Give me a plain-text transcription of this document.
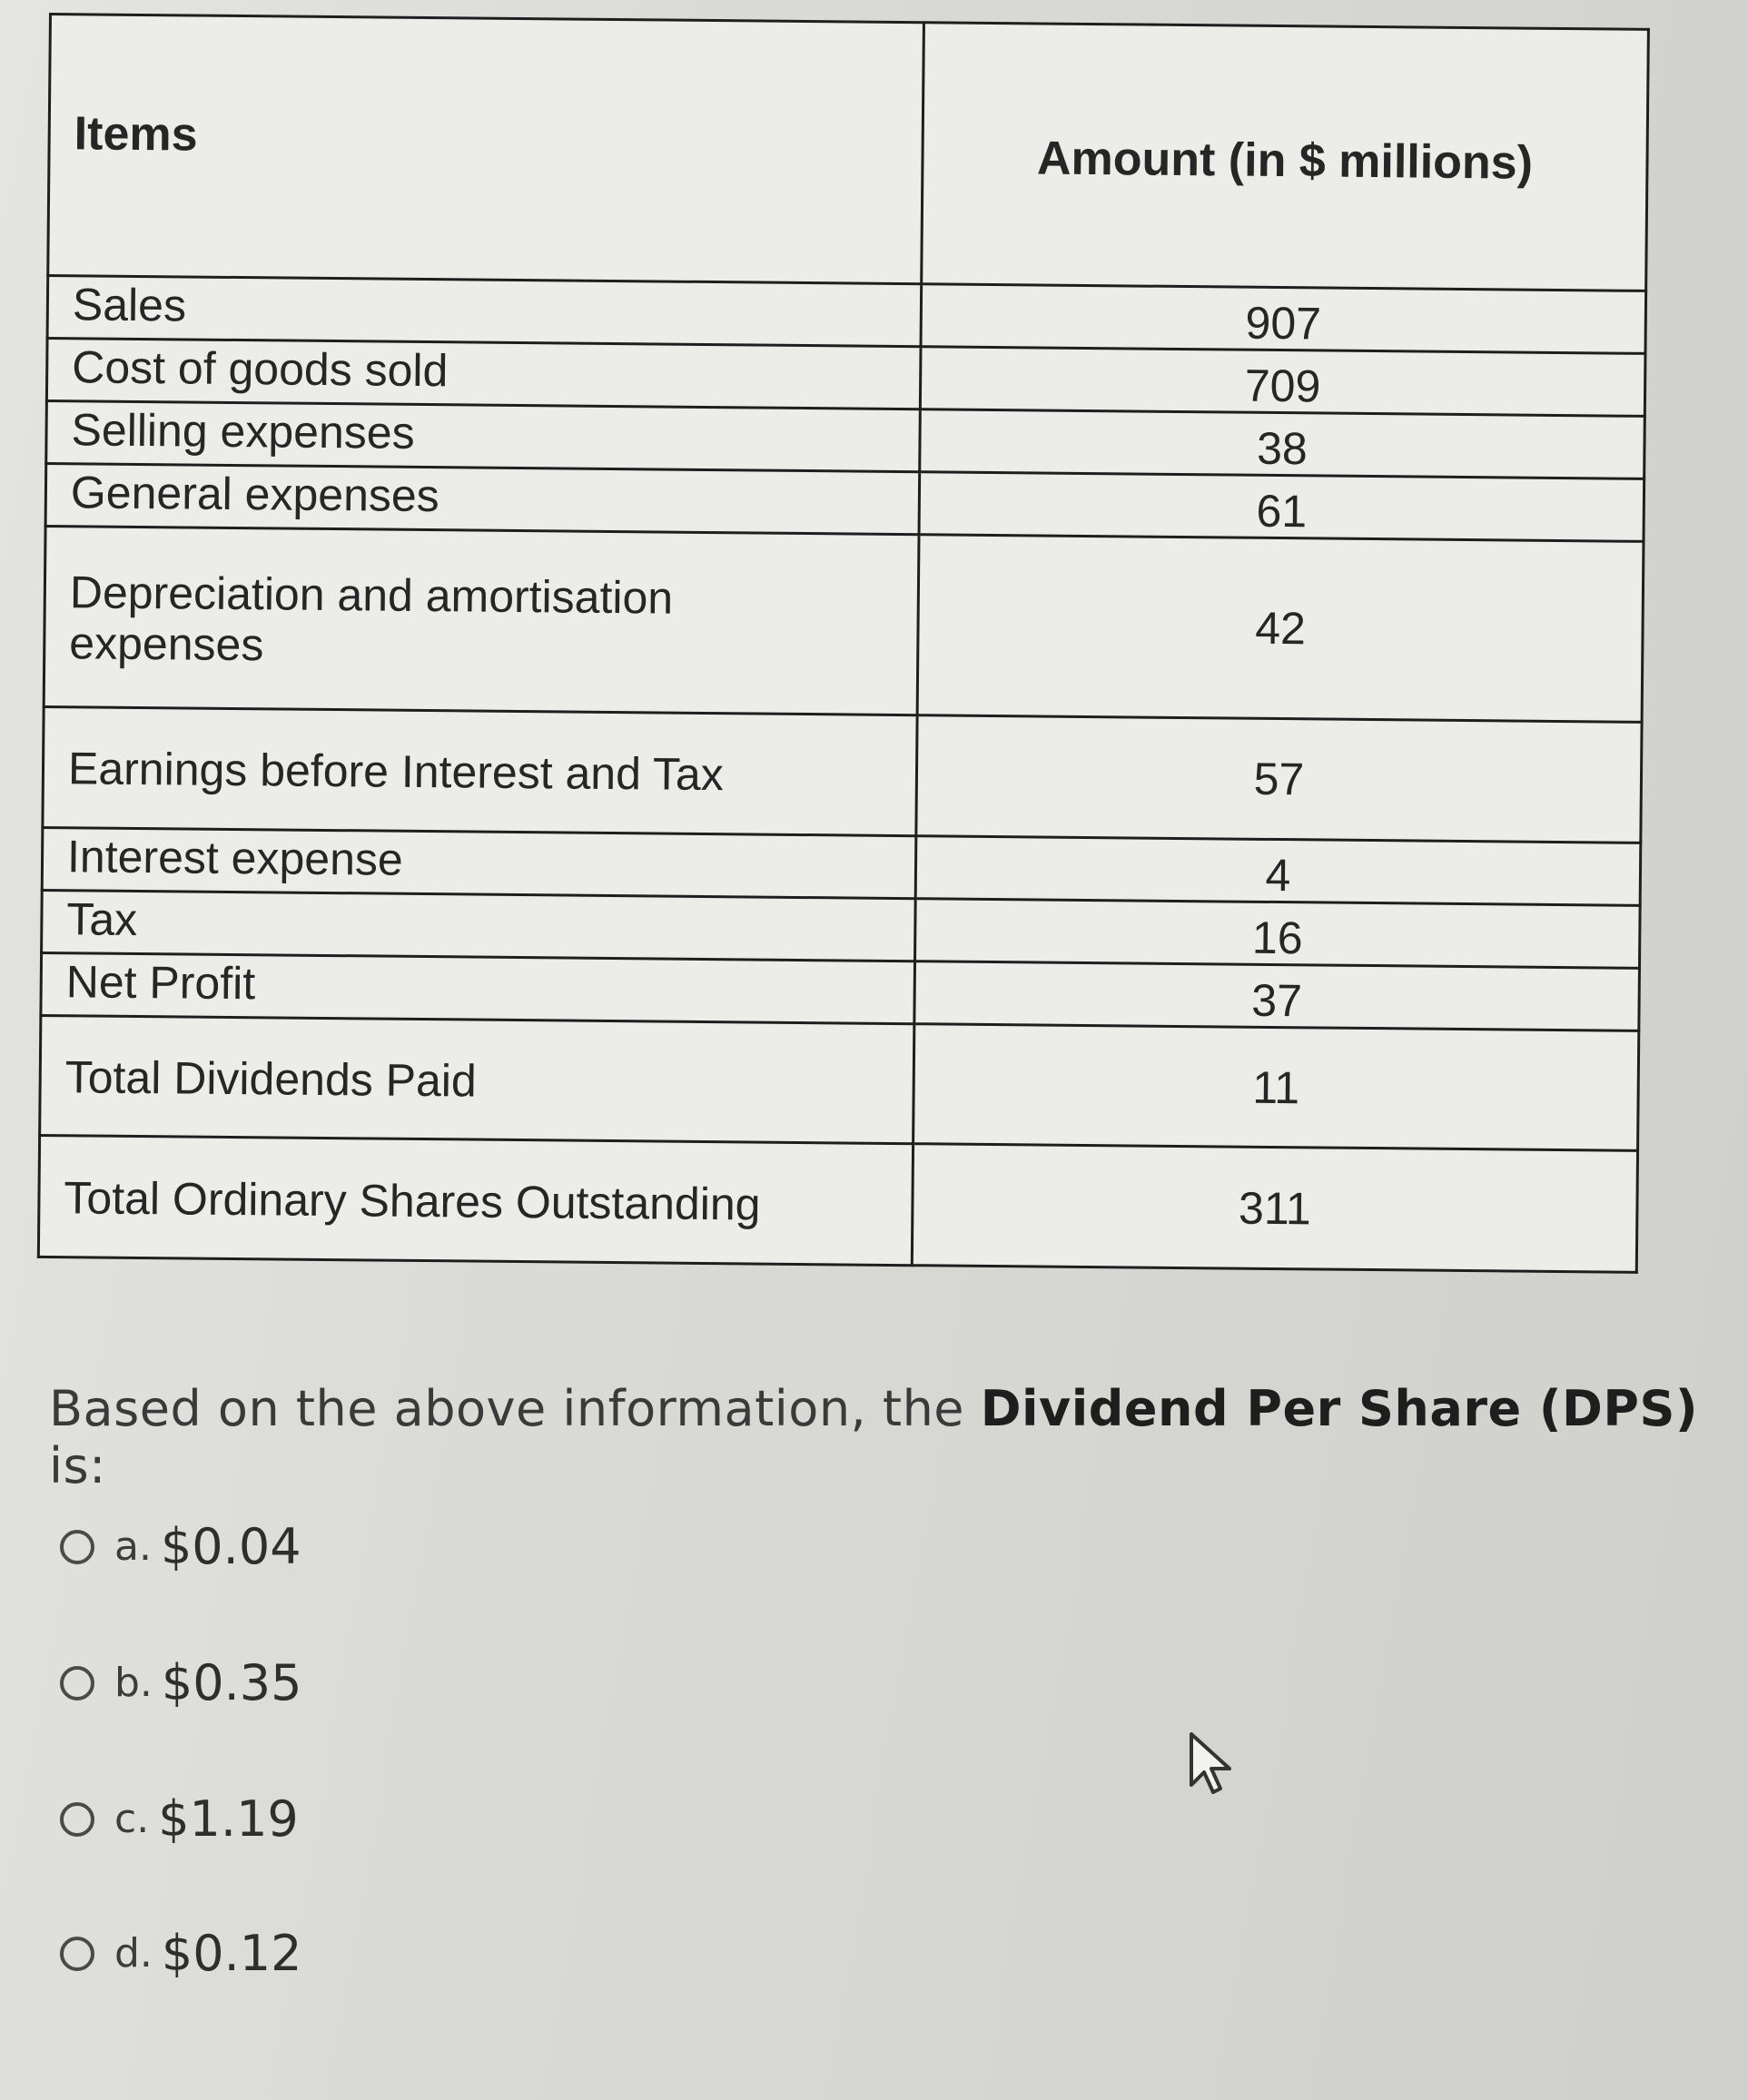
Items	Amount (in $ millions)
Sales	907
Cost of goods sold	709
Selling expenses	38
General expenses	61
Depreciation and amortisation expenses	42
Earnings before Interest and Tax	57
Interest expense	4
Tax	16
Net Profit	37
Total Dividends Paid	11
Total Ordinary Shares Outstanding	311
Based on the above information, the Dividend Per Share (DPS) is:
a. $0.04
b. $0.35
c. $1.19
d. $0.12
